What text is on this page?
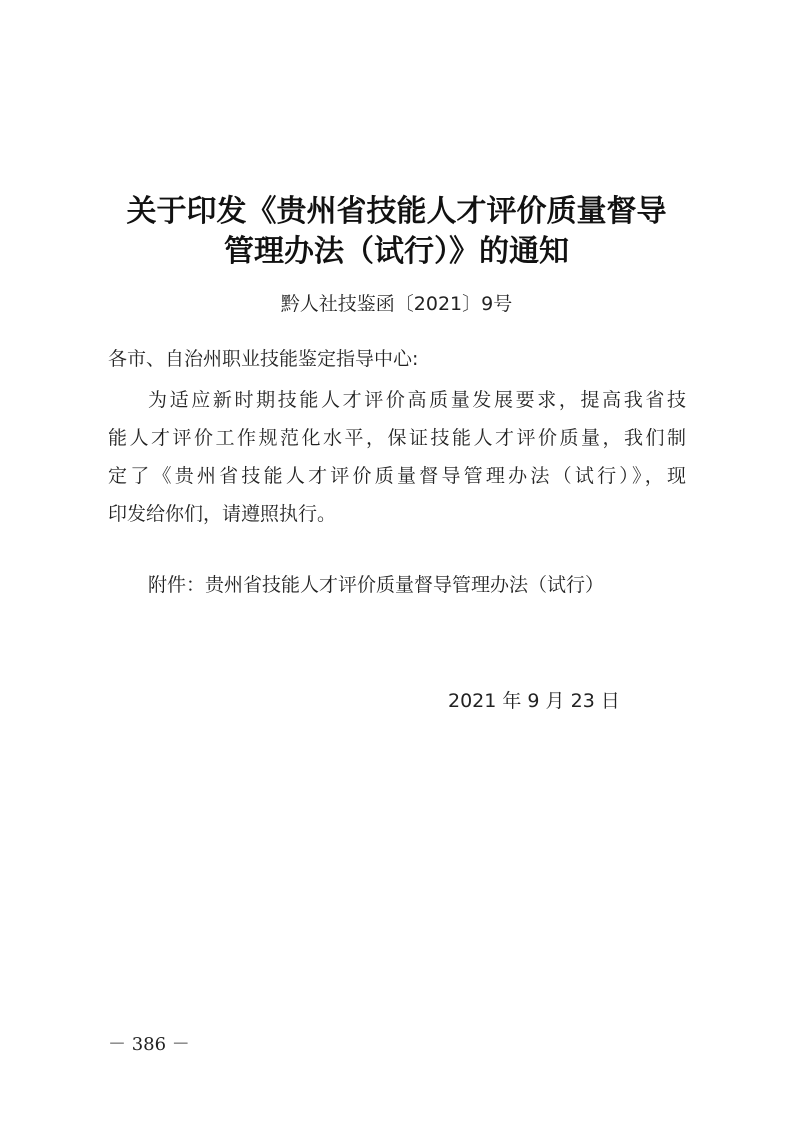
关于印发《贵州省技能人才评价质量督导
管理办法（试行）》的通知
黔人社技鉴函〔2021〕9号
各市、自治州职业技能鉴定指导中心:
为适应新时期技能人才评价高质量发展要求，提高我省技
能人才评价工作规范化水平，保证技能人才评价质量，我们制
定了《贵州省技能人才评价质量督导管理办法（试行）》，现
印发给你们，请遵照执行。
附件：贵州省技能人才评价质量督导管理办法（试行）
2021 年 9 月 23 日
－ 386 －
